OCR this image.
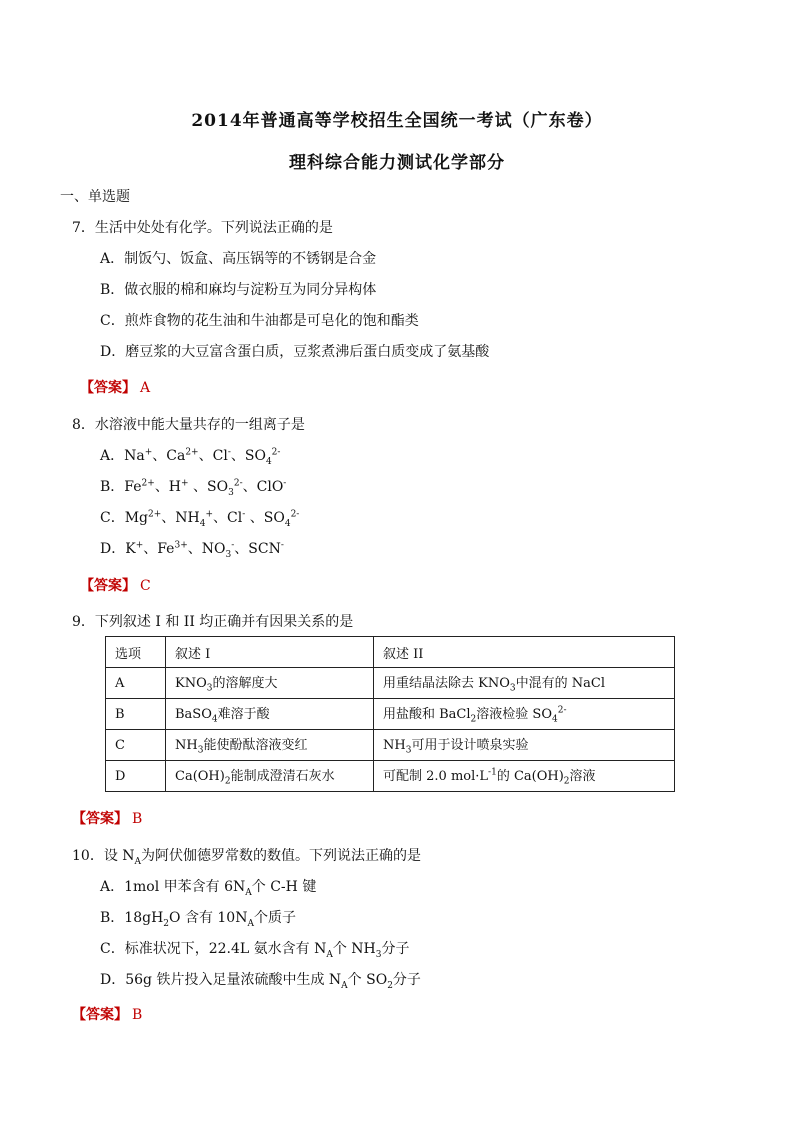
2014年普通高等学校招生全国统一考试（广东卷）
理科综合能力测试化学部分
一、单选题
7．生活中处处有化学。下列说法正确的是
A．制饭勺、饭盒、高压锅等的不锈钢是合金
B．做衣服的棉和麻均与淀粉互为同分异构体
C．煎炸食物的花生油和牛油都是可皂化的饱和酯类
D．磨豆浆的大豆富含蛋白质，豆浆煮沸后蛋白质变成了氨基酸
【答案】 A
8．水溶液中能大量共存的一组离子是
A．Na+、$Ca^{2+}$、Cl-、$SO_4^{2-}$
B．$Fe^{2+}$、H+ 、$SO_3^{2-}$、ClO-
C．$Mg^{2+}$、$NH_4^+$、Cl- 、$SO_4^{2-}$
D．K+、$Fe^{3+}$、$NO_3^-$、SCN-
【答案】 C
9．下列叙述 I 和 II 均正确并有因果关系的是
选项	叙述 I	叙述 II
A	$KNO_3$的溶解度大	用重结晶法除去 $KNO_3$中混有的 NaCl
B	BaSO$_4$难溶于酸	用盐酸和 BaCl$_2$溶液检验 $SO_4^{2-}$
C	$NH_3$能使酚酞溶液变红	$NH_3$可用于设计喷泉实验
D	$Ca(OH)_2$能制成澄清石灰水	可配制 2.0 $mol\cdot L^{-1}$的 $Ca(OH)_2$溶液
【答案】 B
10．设 $N_A$为阿伏伽德罗常数的数值。下列说法正确的是
A．1mol 甲苯含有 $6N_A$个 C-H 键
B．$18gH_2O$ 含有 $10N_A$个质子
C．标准状况下，22.4L 氨水含有 $N_A$个 $NH_3$分子
D．56g 铁片投入足量浓硫酸中生成 $N_A$个 $SO_2$分子
【答案】 B
